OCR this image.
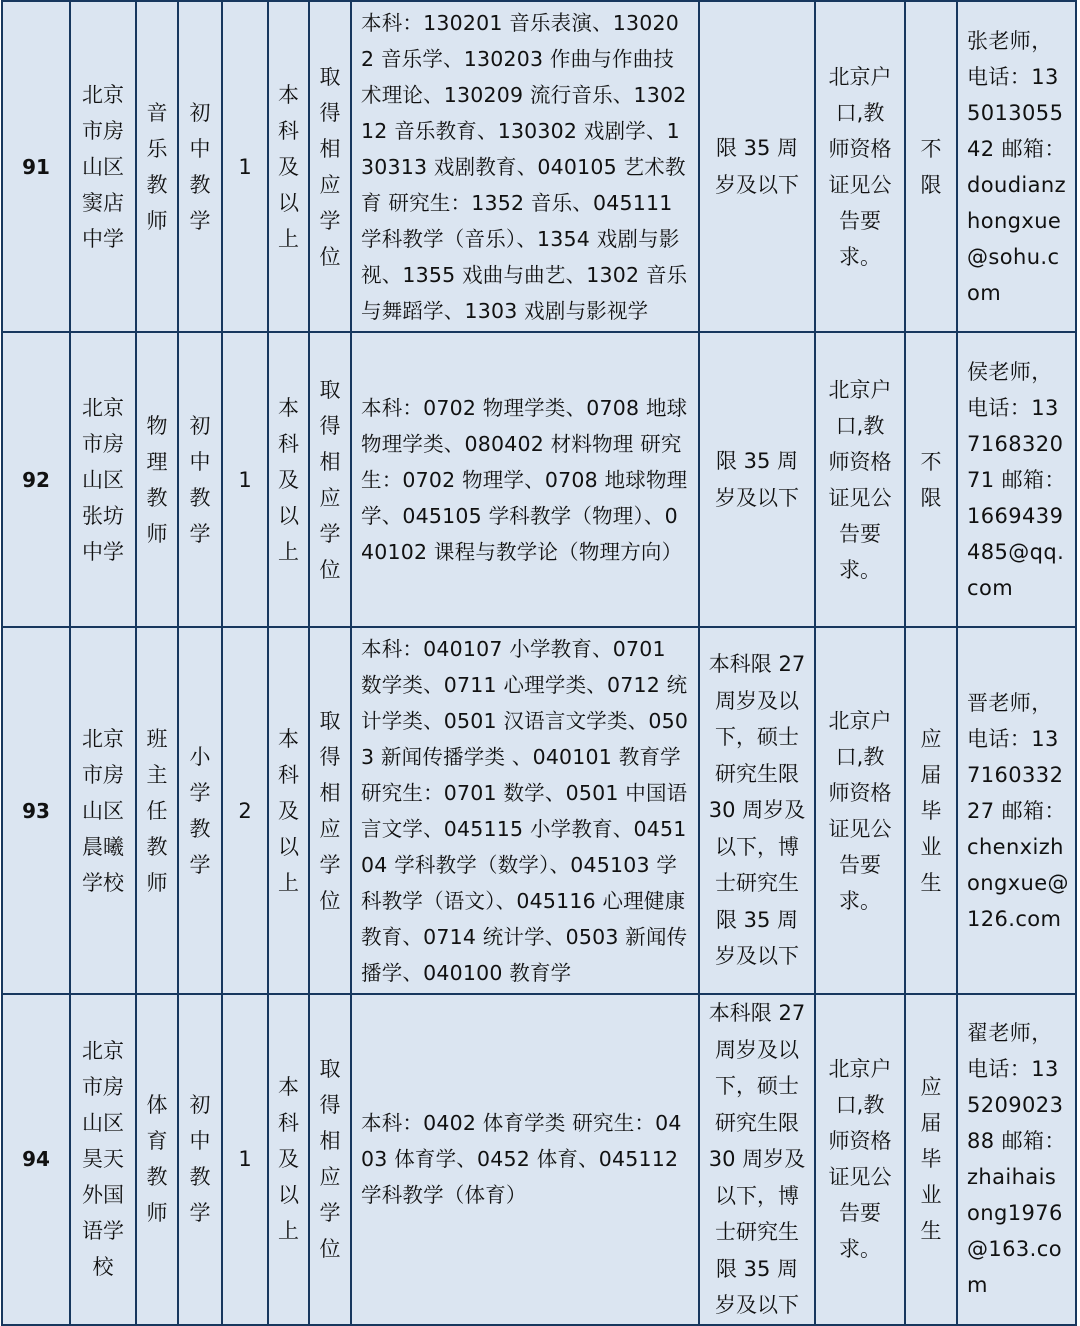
91	北京市房山区窦店中学	音乐教师	初中教学	1	本科及以上	取得相应学位	本科：130201 音乐表演、130202 音乐学、130203 作曲与作曲技术理论、130209 流行音乐、130212 音乐教育、130302 戏剧学、130313 戏剧教育、040105 艺术教育 研究生：1352 音乐、045111 学科教学（音乐）、1354 戏剧与影视、1355 戏曲与曲艺、1302 音乐与舞蹈学、1303 戏剧与影视学	限 35 周岁及以下	北京户口,教师资格证见公告要求。	不限	张老师，电话：13501305542 邮箱：doudianzhongxue@sohu.com
92	北京市房山区张坊中学	物理教师	初中教学	1	本科及以上	取得相应学位	本科：0702 物理学类、0708 地球物理学类、080402 材料物理 研究生：0702 物理学、0708 地球物理学、045105 学科教学（物理）、040102 课程与教学论（物理方向）	限 35 周岁及以下	北京户口,教师资格证见公告要求。	不限	侯老师，电话：13716832071 邮箱：1669439485@qq.com
93	北京市房山区晨曦学校	班主任教师	小学教学	2	本科及以上	取得相应学位	本科：040107 小学教育、0701 数学类、0711 心理学类、0712 统计学类、0501 汉语言文学类、0503 新闻传播学类 、040101 教育学 研究生：0701 数学、0501 中国语言文学、045115 小学教育、045104 学科教学（数学）、045103 学科教学（语文）、045116 心理健康教育、0714 统计学、0503 新闻传播学、040100 教育学	本科限 27 周岁及以下，硕士研究生限 30 周岁及以下，博士研究生限 35 周岁及以下	北京户口,教师资格证见公告要求。	应届毕业生	晋老师，电话：13716033227 邮箱：chenxizhongxue@126.com
94	北京市房山区昊天外国语学校	体育教师	初中教学	1	本科及以上	取得相应学位	本科：0402 体育学类 研究生：0403 体育学、0452 体育、045112 学科教学（体育）	本科限 27 周岁及以下，硕士研究生限 30 周岁及以下，博士研究生限 35 周岁及以下	北京户口,教师资格证见公告要求。	应届毕业生	翟老师，电话：13520902388 邮箱：zhaihaisong1976@163.com
